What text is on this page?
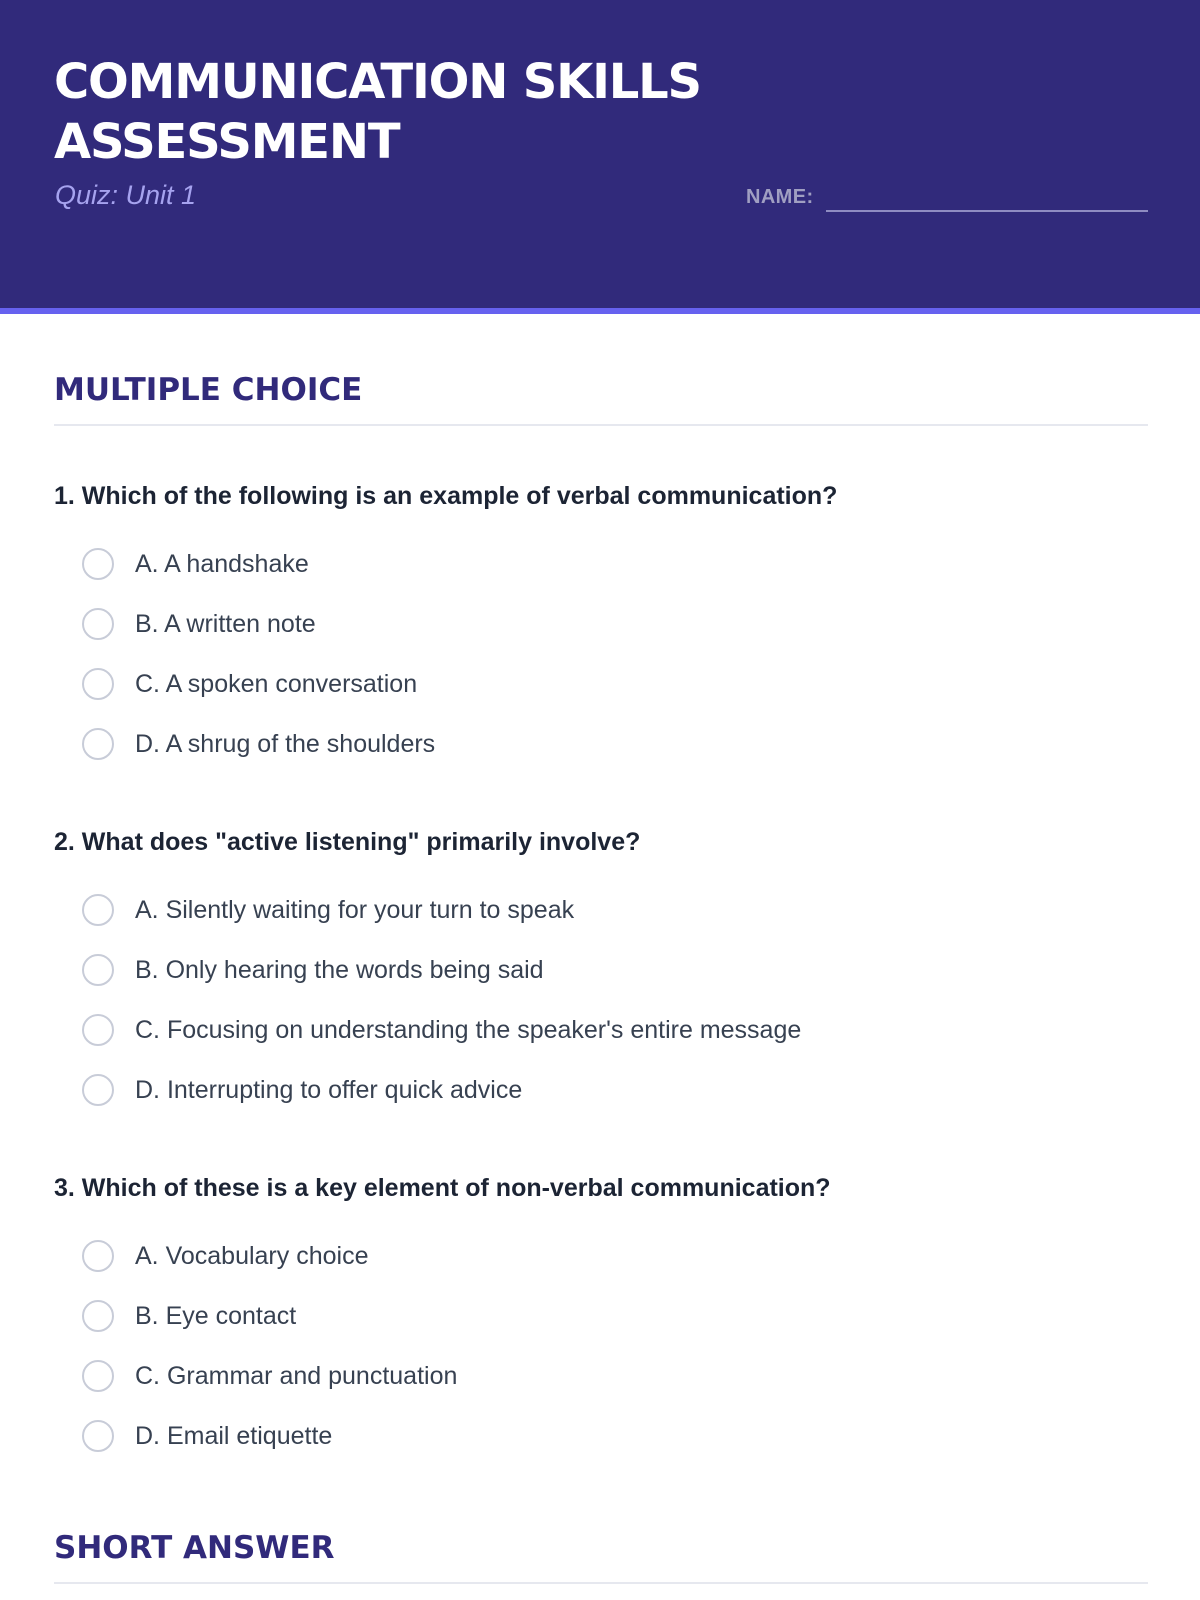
COMMUNICATION SKILLS ASSESSMENT
Quiz: Unit 1	NAME:
MULTIPLE CHOICE
1. Which of the following is an example of verbal communication?
A. A handshake
B. A written note
C. A spoken conversation
D. A shrug of the shoulders
2. What does "active listening" primarily involve?
A. Silently waiting for your turn to speak
B. Only hearing the words being said
C. Focusing on understanding the speaker's entire message
D. Interrupting to offer quick advice
3. Which of these is a key element of non-verbal communication?
A. Vocabulary choice
B. Eye contact
C. Grammar and punctuation
D. Email etiquette
SHORT ANSWER
